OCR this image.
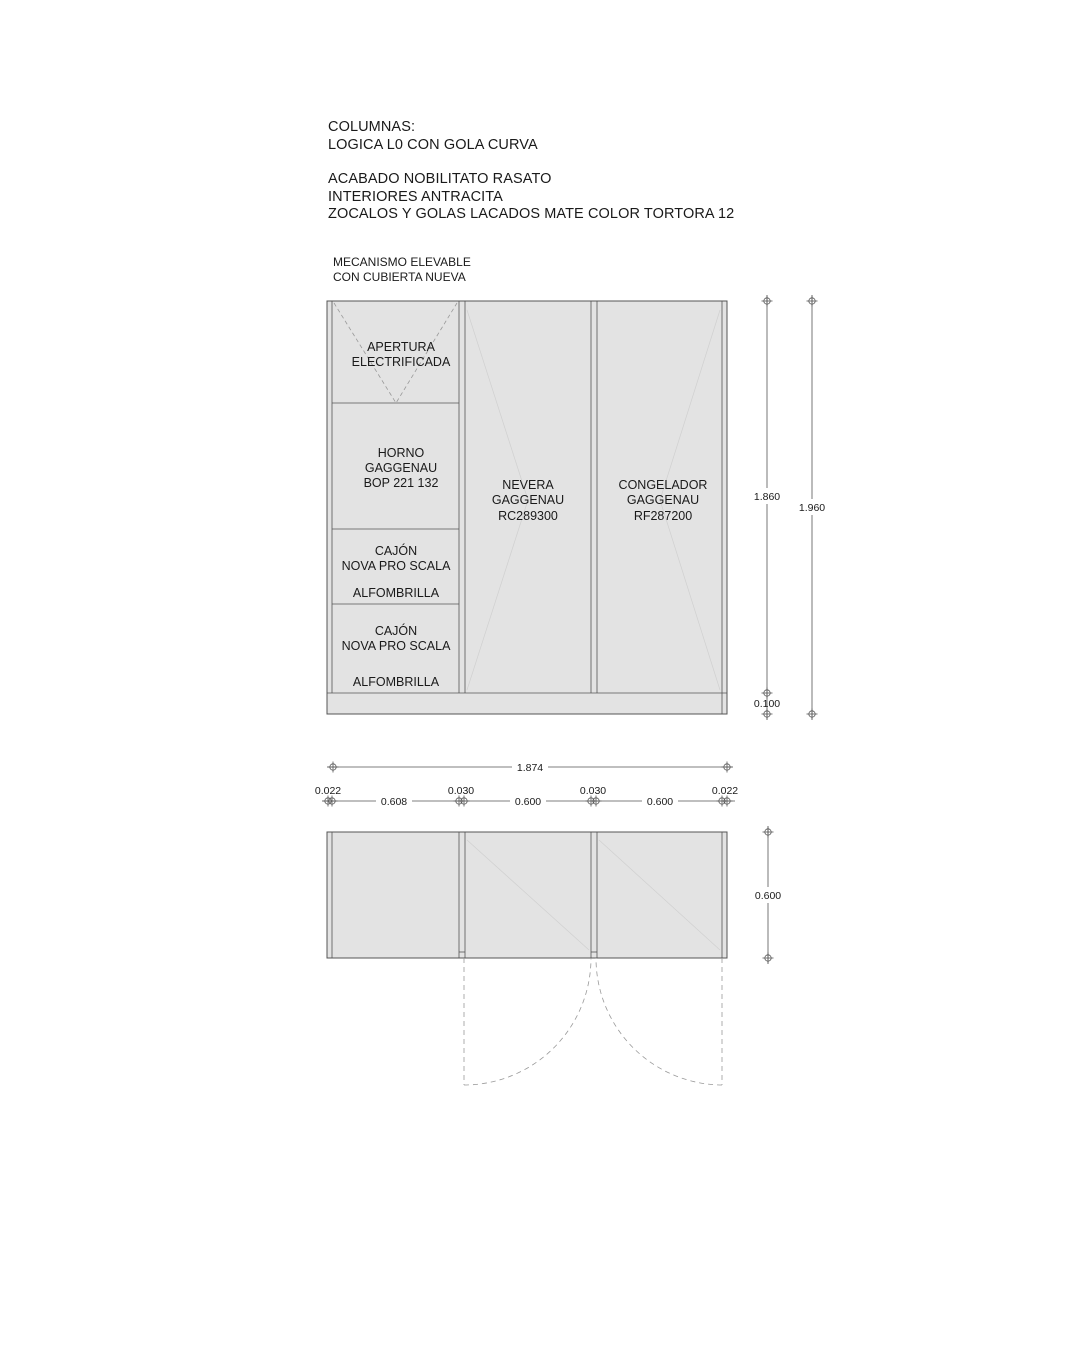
COLUMNAS:
LOGICA L0 CON GOLA CURVA
ACABADO NOBILITATO RASATO
INTERIORES ANTRACITA
ZOCALOS Y GOLAS LACADOS MATE COLOR TORTORA 12
MECANISMO ELEVABLE
CON CUBIERTA NUEVA
APERTURA
ELECTRIFICADA
HORNO
GAGGENAU
BOP 221 132
CAJÓN
NOVA PRO SCALA
ALFOMBRILLA
CAJÓN
NOVA PRO SCALA
ALFOMBRILLA
NEVERA
GAGGENAU
RC289300
CONGELADOR
GAGGENAU
RF287200
1.860
1.960
0.100
1.874
0.022
0.608
0.030
0.600
0.030
0.600
0.022
0.600
